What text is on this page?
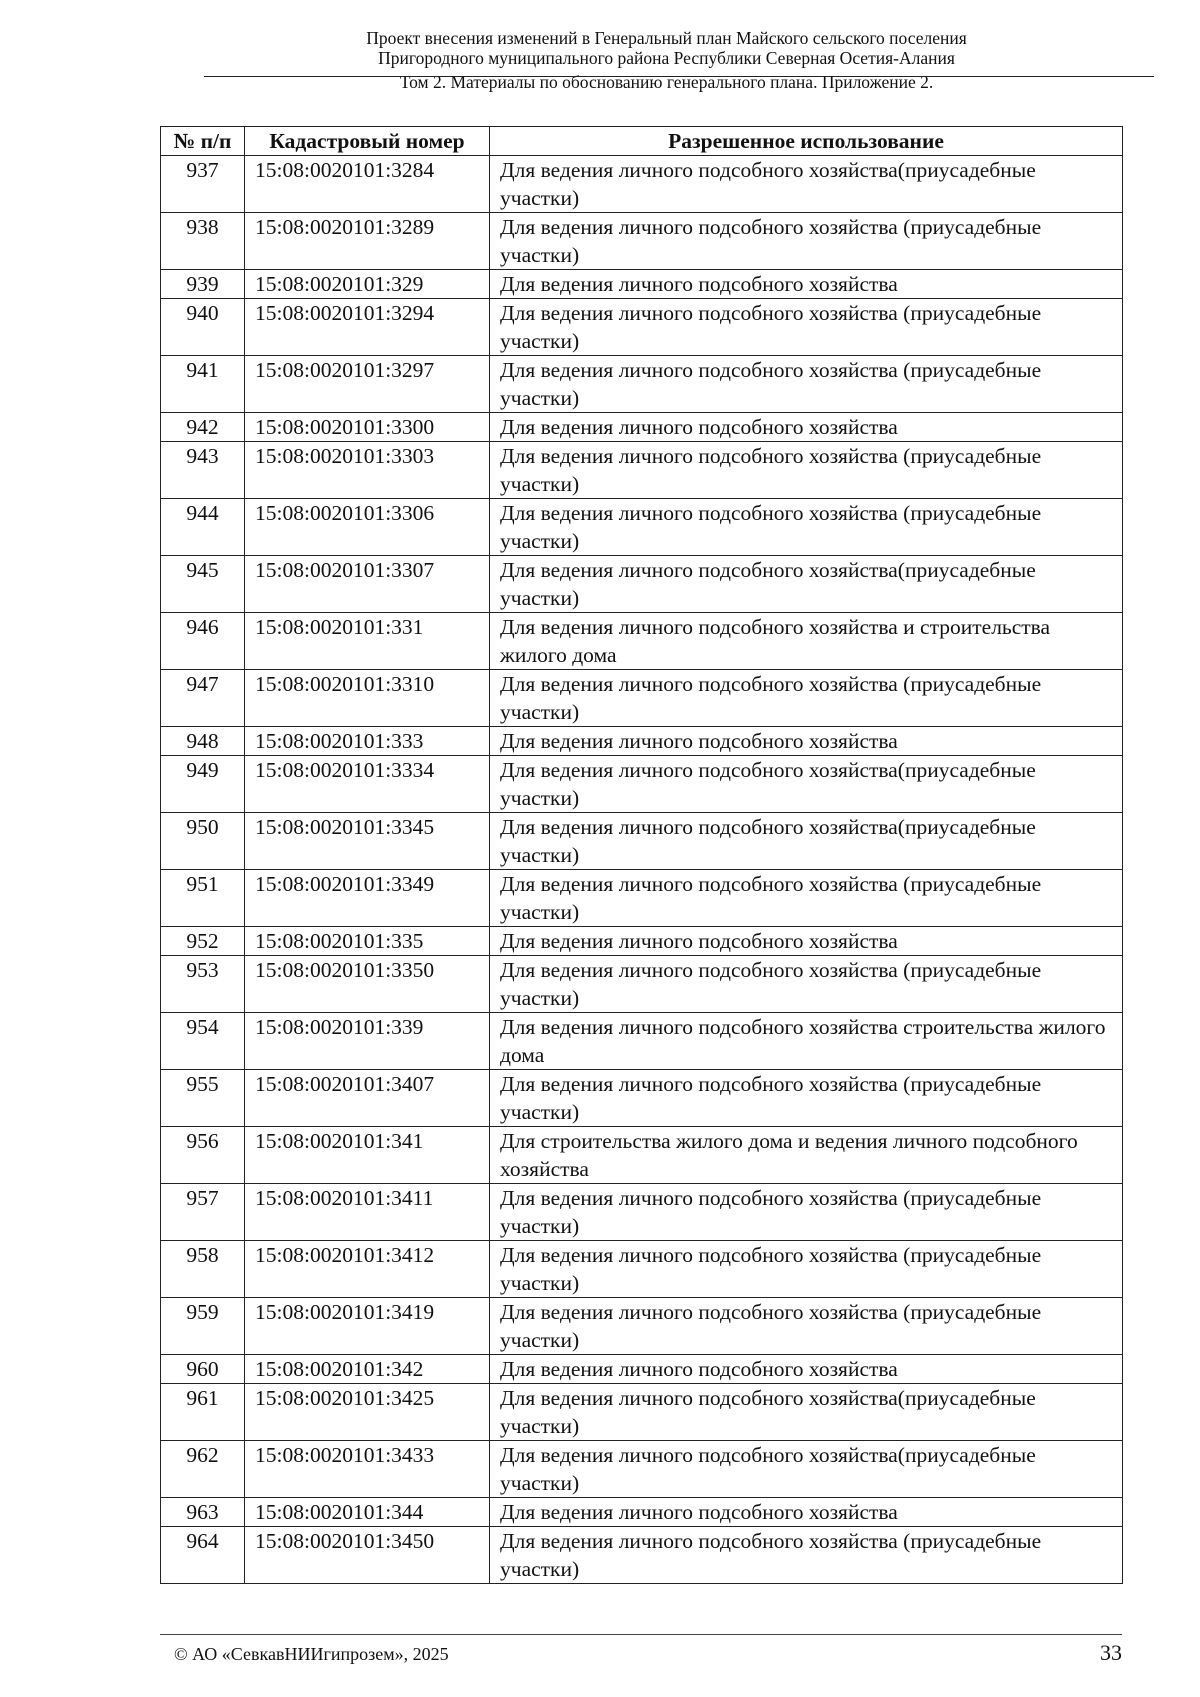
Проект внесения изменений в Генеральный план Майского сельского поселения
Пригородного муниципального района Республики Северная Осетия-Алания
Том 2. Материалы по обоснованию генерального плана. Приложение 2.
№ п/п	Кадастровый номер	Разрешенное использование
937	15:08:0020101:3284	Для ведения личного подсобного хозяйства(приусадебные участки)
938	15:08:0020101:3289	Для ведения личного подсобного хозяйства (приусадебные участки)
939	15:08:0020101:329	Для ведения личного подсобного хозяйства
940	15:08:0020101:3294	Для ведения личного подсобного хозяйства (приусадебные участки)
941	15:08:0020101:3297	Для ведения личного подсобного хозяйства (приусадебные участки)
942	15:08:0020101:3300	Для ведения личного подсобного хозяйства
943	15:08:0020101:3303	Для ведения личного подсобного хозяйства (приусадебные участки)
944	15:08:0020101:3306	Для ведения личного подсобного хозяйства (приусадебные участки)
945	15:08:0020101:3307	Для ведения личного подсобного хозяйства(приусадебные участки)
946	15:08:0020101:331	Для ведения личного подсобного хозяйства и строительства жилого дома
947	15:08:0020101:3310	Для ведения личного подсобного хозяйства (приусадебные участки)
948	15:08:0020101:333	Для ведения личного подсобного хозяйства
949	15:08:0020101:3334	Для ведения личного подсобного хозяйства(приусадебные участки)
950	15:08:0020101:3345	Для ведения личного подсобного хозяйства(приусадебные участки)
951	15:08:0020101:3349	Для ведения личного подсобного хозяйства (приусадебные участки)
952	15:08:0020101:335	Для ведения личного подсобного хозяйства
953	15:08:0020101:3350	Для ведения личного подсобного хозяйства (приусадебные участки)
954	15:08:0020101:339	Для ведения личного подсобного хозяйства строительства жилого дома
955	15:08:0020101:3407	Для ведения личного подсобного хозяйства (приусадебные участки)
956	15:08:0020101:341	Для строительства жилого дома и ведения личного подсобного хозяйства
957	15:08:0020101:3411	Для ведения личного подсобного хозяйства (приусадебные участки)
958	15:08:0020101:3412	Для ведения личного подсобного хозяйства (приусадебные участки)
959	15:08:0020101:3419	Для ведения личного подсобного хозяйства (приусадебные участки)
960	15:08:0020101:342	Для ведения личного подсобного хозяйства
961	15:08:0020101:3425	Для ведения личного подсобного хозяйства(приусадебные участки)
962	15:08:0020101:3433	Для ведения личного подсобного хозяйства(приусадебные участки)
963	15:08:0020101:344	Для ведения личного подсобного хозяйства
964	15:08:0020101:3450	Для ведения личного подсобного хозяйства (приусадебные участки)
© АО «СевкавНИИгипрозем», 2025	33
